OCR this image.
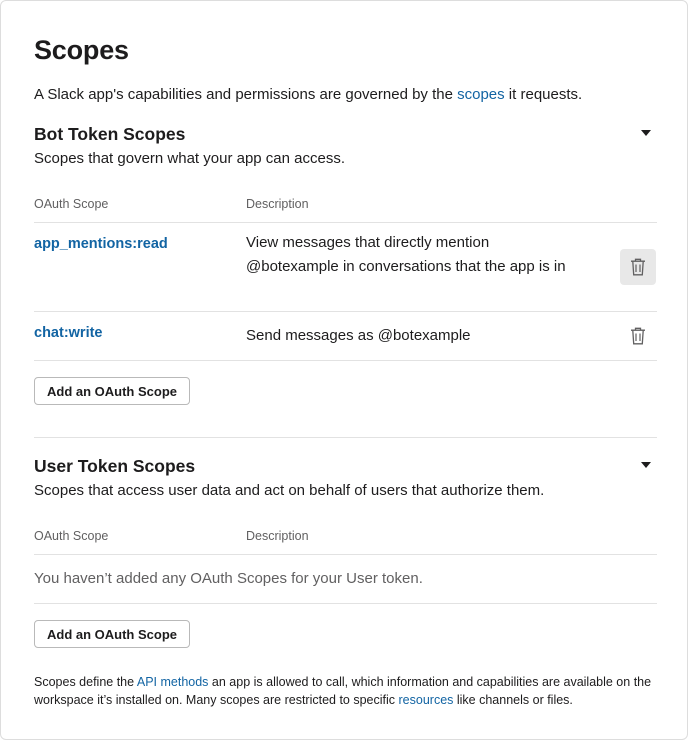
Scopes

A Slack app's capabilities and permissions are governed by the scopes it requests.

Bot Token Scopes
Scopes that govern what your app can access.
OAuth Scope	Description
app_mentions:read	View messages that directly mention @botexample in conversations that the app is in
chat:write	Send messages as @botexample
Add an OAuth Scope
User Token Scopes
Scopes that access user data and act on behalf of users that authorize them.
OAuth Scope	Description
You haven’t added any OAuth Scopes for your User token.
Add an OAuth Scope

Scopes define the API methods an app is allowed to call, which information and capabilities are available on the workspace it’s installed on. Many scopes are restricted to specific resources like channels or files.
